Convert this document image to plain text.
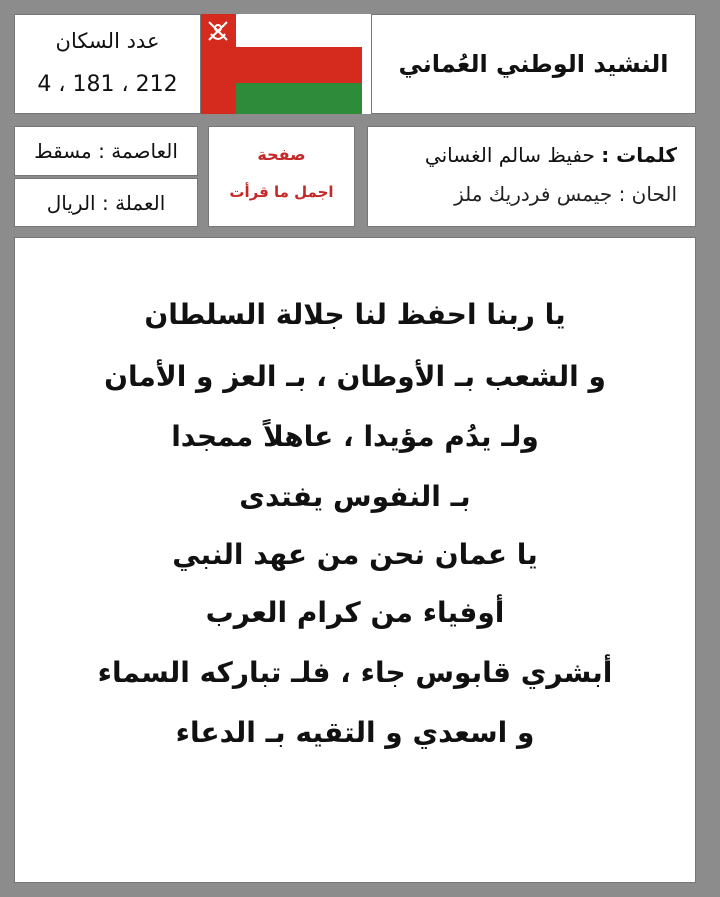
النشيد الوطني العُماني
عدد السكان
4 ، 181 ، 212
كلمات : حفيظ سالم الغساني
الحان : جيمس فردريك ملز
صفحة
اجمل ما قرأت
العاصمة : مسقط
العملة : الريال
يا ربنا احفظ لنا جلالة السلطان
و الشعب بـ الأوطان ، بـ العز و الأمان
ولـ يدُم مؤيدا ، عاهلاً ممجدا
بـ النفوس يفتدى
يا عمان نحن من عهد النبي
أوفياء من كرام العرب
أبشري قابوس جاء ، فلـ تباركه السماء
و اسعدي و التقيه بـ الدعاء
